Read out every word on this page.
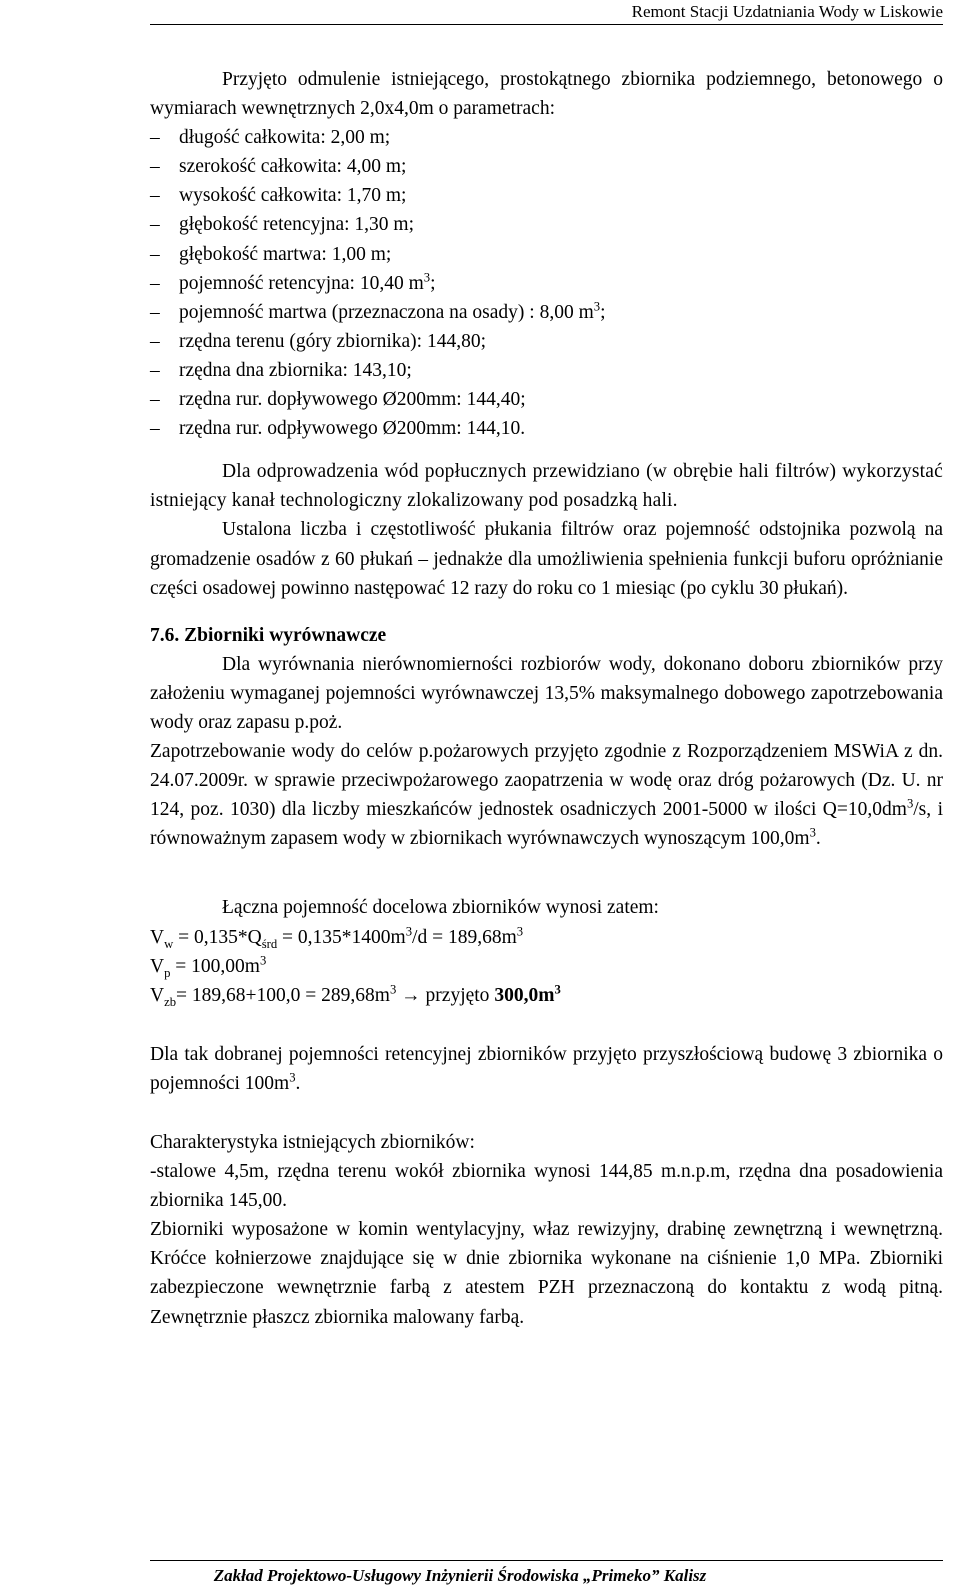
Remont Stacji Uzdatniania Wody w Liskowie

Przyjęto odmulenie istniejącego, prostokątnego zbiornika podziemnego, betonowego o wymiarach wewnętrznych 2,0x4,0m o parametrach:

– długość całkowita: 2,00 m;
– szerokość całkowita: 4,00 m;
– wysokość całkowita: 1,70 m;
– głębokość retencyjna: 1,30 m;
– głębokość martwa: 1,00 m;
– pojemność retencyjna: 10,40 $m^3$;
– pojemność martwa (przeznaczona na osady) : 8,00 $m^3$;
– rzędna terenu (góry zbiornika): 144,80;
– rzędna dna zbiornika: 143,10;
– rzędna rur. dopływowego Ø200mm: 144,40;
– rzędna rur. odpływowego Ø200mm: 144,10.

Dla odprowadzenia wód popłucznych przewidziano (w obrębie hali filtrów) wykorzystać istniejący kanał technologiczny zlokalizowany pod posadzką hali.

Ustalona liczba i częstotliwość płukania filtrów oraz pojemność odstojnika pozwolą na gromadzenie osadów z 60 płukań – jednakże dla umożliwienia spełnienia funkcji buforu opróżnianie części osadowej powinno następować 12 razy do roku co 1 miesiąc (po cyklu 30 płukań).

7.6. Zbiorniki wyrównawcze

Dla wyrównania nierównomierności rozbiorów wody, dokonano doboru zbiorników przy założeniu wymaganej pojemności wyrównawczej 13,5% maksymalnego dobowego zapotrzebowania wody oraz zapasu p.poż.

Zapotrzebowanie wody do celów p.pożarowych przyjęto zgodnie z Rozporządzeniem MSWiA z dn. 24.07.2009r. w sprawie przeciwpożarowego zaopatrzenia w wodę oraz dróg pożarowych (Dz. U. nr 124, poz. 1030) dla liczby mieszkańców jednostek osadniczych 2001-5000 w ilości $Q=10,0dm^3/s$, i równoważnym zapasem wody w zbiornikach wyrównawczych wynoszącym $100,0m^3$.

Łączna pojemność docelowa zbiorników wynosi zatem:

$V_w = 0,135*Q_{śrd} = 0,135*1400m^3/d = 189,68m^3$

$V_p = 100,00m^3$

$V_{zb}= 189,68+100,0 = 289,68m^3$ → przyjęto $300,0m^3$

Dla tak dobranej pojemności retencyjnej zbiorników przyjęto przyszłościową budowę 3 zbiornika o pojemności $100m^3$.

Charakterystyka istniejących zbiorników:

-stalowe 4,5m, rzędna terenu wokół zbiornika wynosi 144,85 m.n.p.m, rzędna dna posadowienia zbiornika 145,00.

Zbiorniki wyposażone w komin wentylacyjny, właz rewizyjny, drabinę zewnętrzną i wewnętrzną. Króćce kołnierzowe znajdujące się w dnie zbiornika wykonane na ciśnienie 1,0 MPa. Zbiorniki zabezpieczone wewnętrznie farbą z atestem PZH przeznaczoną do kontaktu z wodą pitną. Zewnętrznie płaszcz zbiornika malowany farbą.

Zakład Projektowo-Usługowy Inżynierii Środowiska „Primeko” Kalisz
